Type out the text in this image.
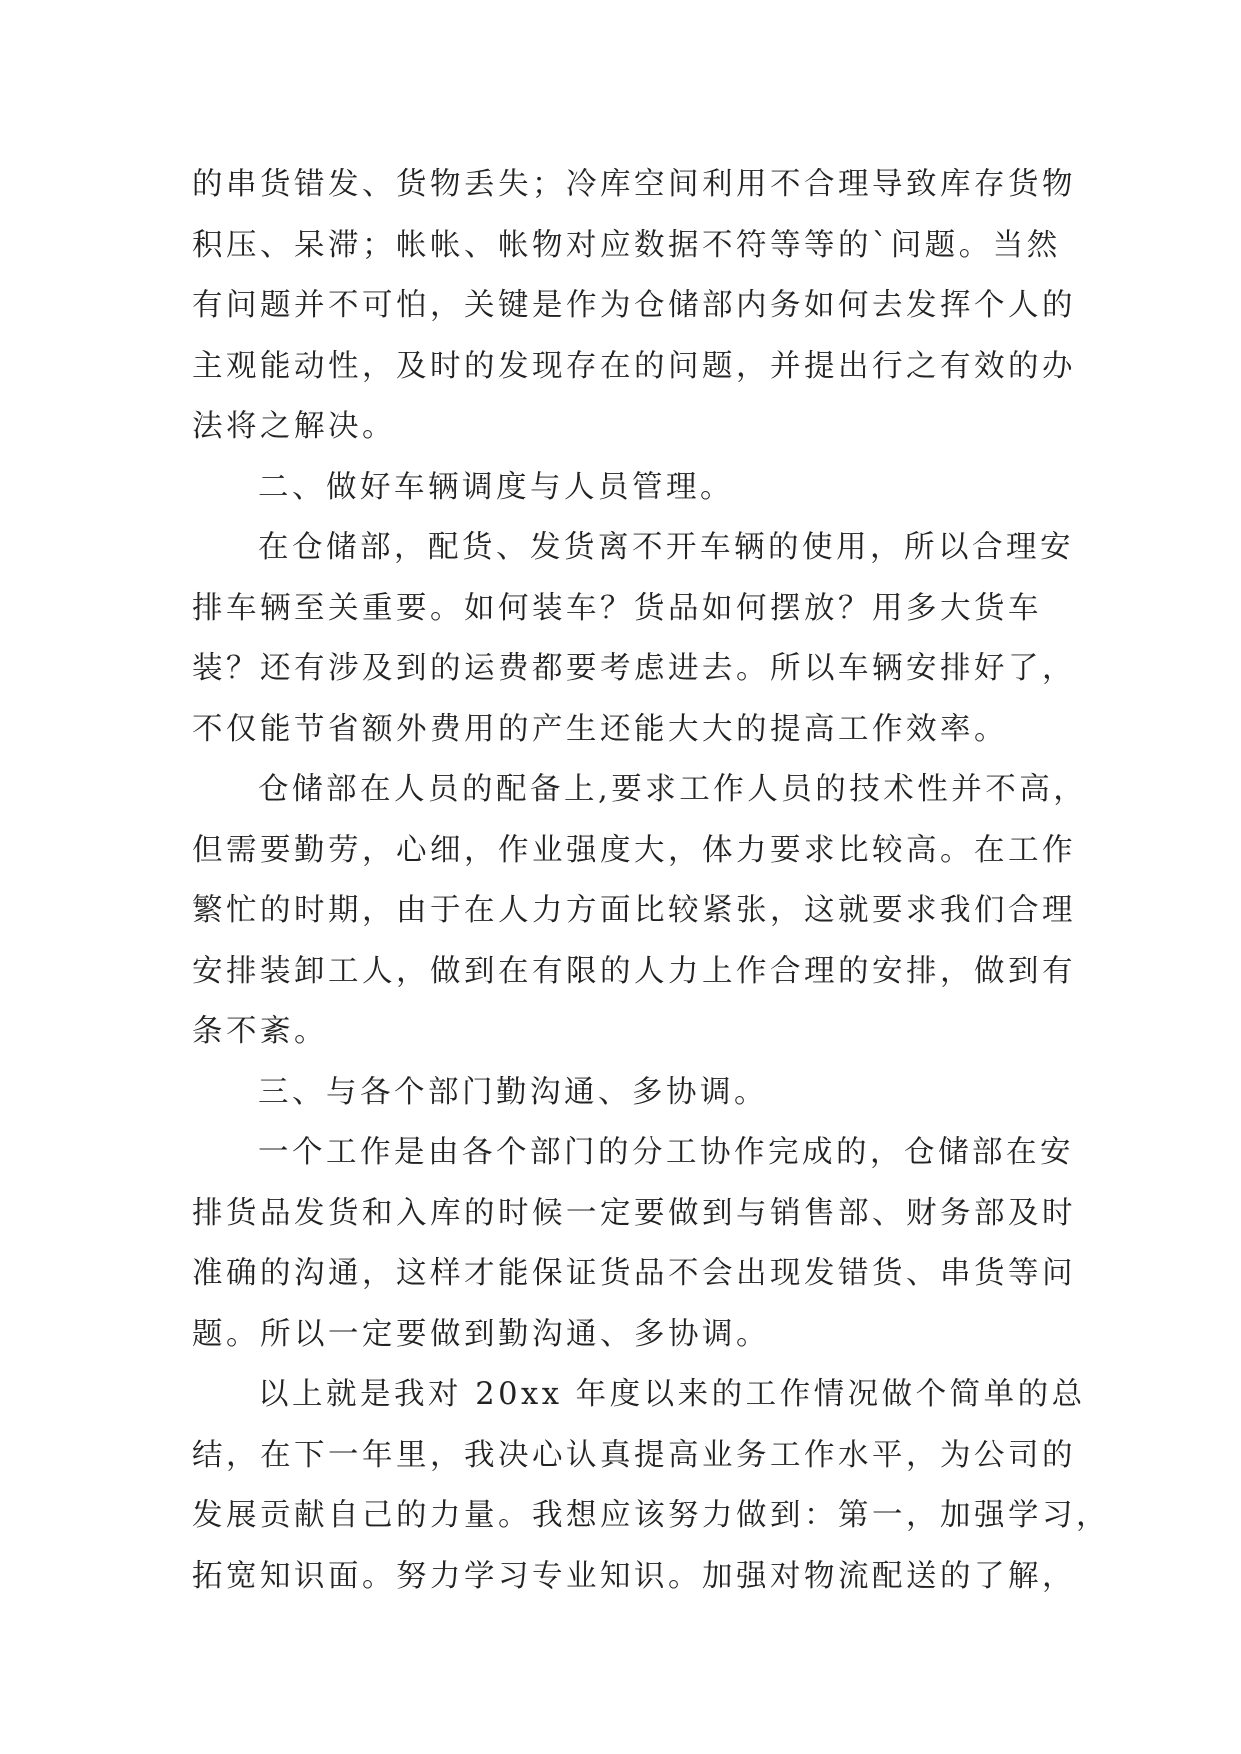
的串货错发、货物丢失；冷库空间利用不合理导致库存货物
积压、呆滞；帐帐、帐物对应数据不符等等的`问题。当然
有问题并不可怕，关键是作为仓储部内务如何去发挥个人的
主观能动性，及时的发现存在的问题，并提出行之有效的办
法将之解决。
二、做好车辆调度与人员管理。
在仓储部，配货、发货离不开车辆的使用，所以合理安
排车辆至关重要。如何装车？货品如何摆放？用多大货车
装？还有涉及到的运费都要考虑进去。所以车辆安排好了，
不仅能节省额外费用的产生还能大大的提高工作效率。
仓储部在人员的配备上,要求工作人员的技术性并不高，
但需要勤劳，心细，作业强度大，体力要求比较高。在工作
繁忙的时期，由于在人力方面比较紧张，这就要求我们合理
安排装卸工人，做到在有限的人力上作合理的安排，做到有
条不紊。
三、与各个部门勤沟通、多协调。
一个工作是由各个部门的分工协作完成的，仓储部在安
排货品发货和入库的时候一定要做到与销售部、财务部及时
准确的沟通，这样才能保证货品不会出现发错货、串货等问
题。所以一定要做到勤沟通、多协调。
以上就是我对 20xx 年度以来的工作情况做个简单的总
结，在下一年里，我决心认真提高业务工作水平，为公司的
发展贡献自己的力量。我想应该努力做到：第一，加强学习，
拓宽知识面。努力学习专业知识。加强对物流配送的了解，
